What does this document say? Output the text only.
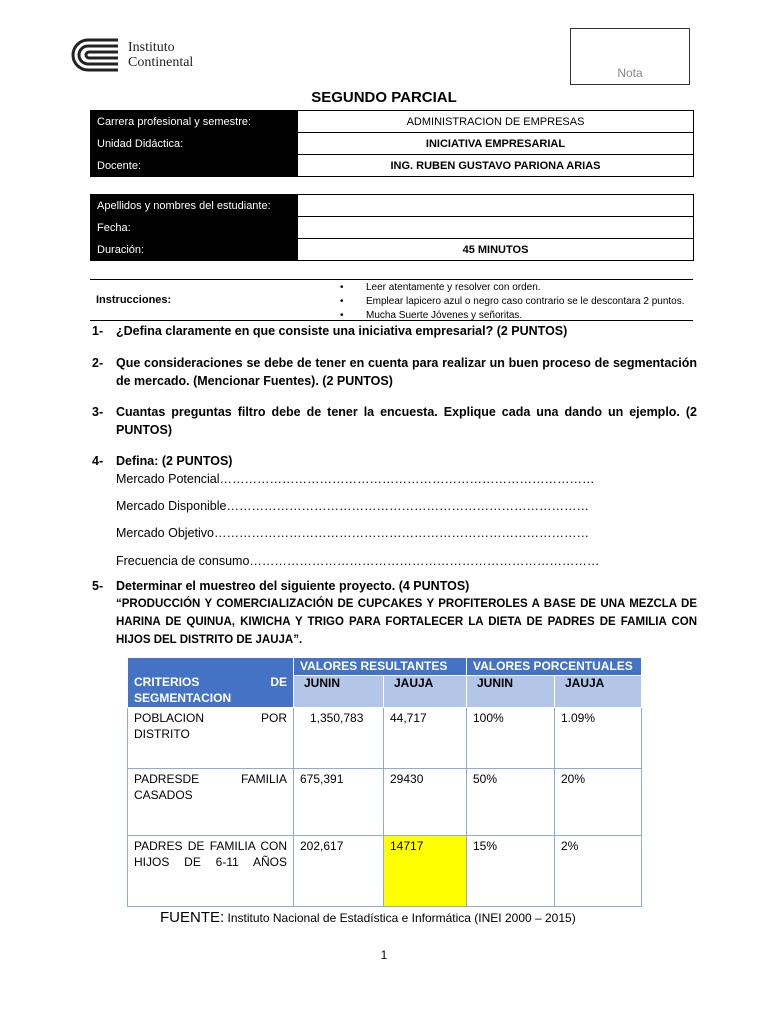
Instituto
Continental
Nota
SEGUNDO PARCIAL
Carrera profesional y semestre:	ADMINISTRACION DE EMPRESAS
Unidad Didáctica:	INICIATIVA EMPRESARIAL
Docente:	ING. RUBEN GUSTAVO PARIONA ARIAS
Apellidos y nombres del estudiante:	
Fecha:	
Duración:	45 MINUTOS
Instrucciones:
• Leer atentamente y resolver con orden.
• Emplear lapicero azul o negro caso contrario se le descontara 2 puntos.
• Mucha Suerte Jóvenes y señoritas.
1- ¿Defina claramente en que consiste una iniciativa empresarial? (2 PUNTOS)
2- Que consideraciones se debe de tener en cuenta para realizar un buen proceso de segmentación de mercado. (Mencionar Fuentes). (2 PUNTOS)
3- Cuantas preguntas filtro debe de tener la encuesta. Explique cada una dando un ejemplo. (2 PUNTOS)
4- Defina: (2 PUNTOS)
Mercado Potencial………………………………………………………………………………
Mercado Disponible……………………………………………………………………………
Mercado Objetivo………………………………………………………………………………
Frecuencia de consumo…………………………………………………………………………
5- Determinar el muestreo del siguiente proyecto. (4 PUNTOS)
“PRODUCCIÓN Y COMERCIALIZACIÓN DE CUPCAKES Y PROFITEROLES A BASE DE UNA MEZCLA DE HARINA DE QUINUA, KIWICHA Y TRIGO PARA FORTALECER LA DIETA DE PADRES DE FAMILIA CON HIJOS DEL DISTRITO DE JAUJA”.
CRITERIOS DE SEGMENTACION	VALORES RESULTANTES		VALORES PORCENTUALES	
	JUNIN	JAUJA	JUNIN	JAUJA
POBLACION POR DISTRITO	1,350,783	44,717	100%	1.09%
PADRESDE FAMILIA CASADOS	675,391	29430	50%	20%
PADRES DE FAMILIA CON HIJOS DE 6-11 AÑOS	202,617	14717	15%	2%
FUENTE: Instituto Nacional de Estadística e Informática (INEI 2000 – 2015)
1
